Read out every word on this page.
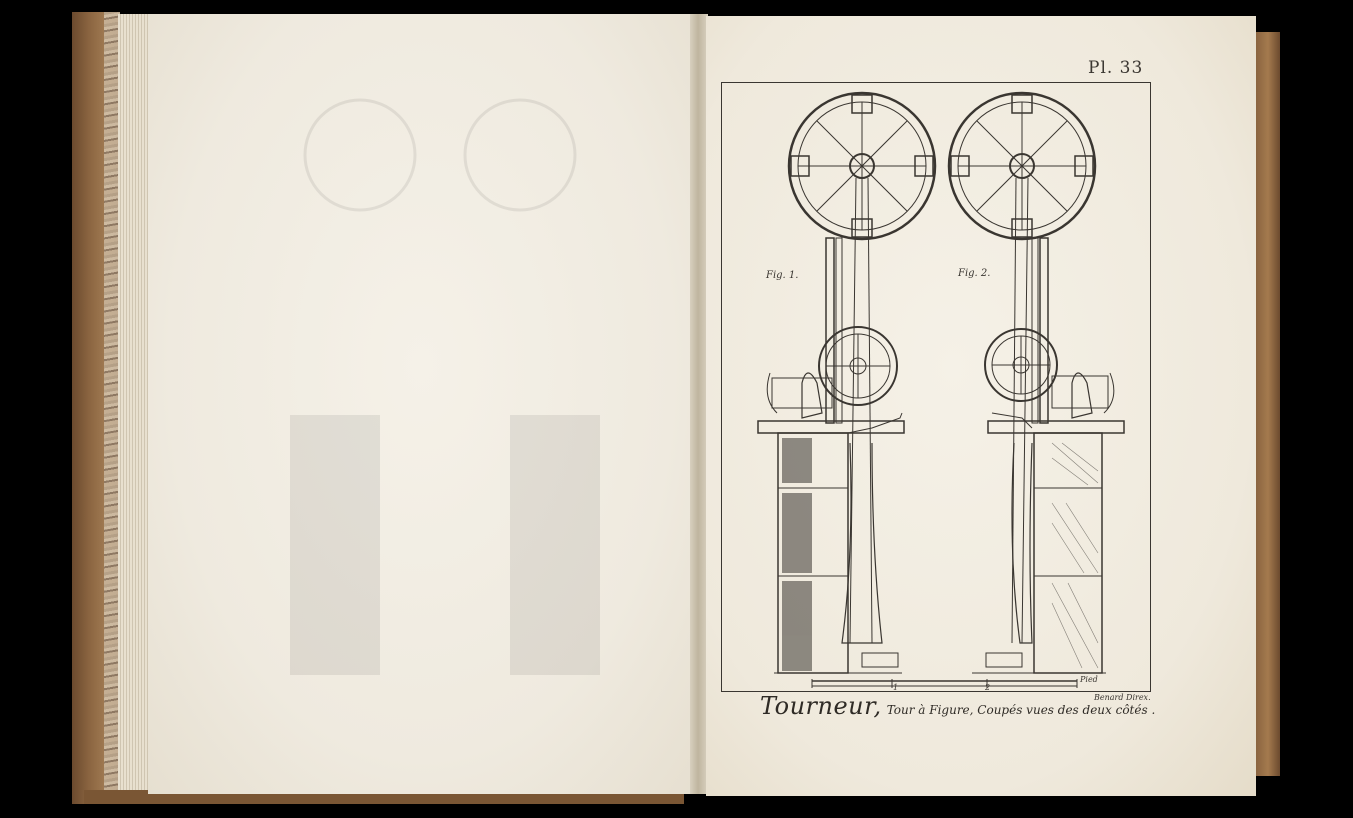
Pl. 33
Fig. 1.	Fig. 2.
Pied
1	2
Benard Direx.
Tourneur, Tour à Figure, Coupés vues des deux côtés .
